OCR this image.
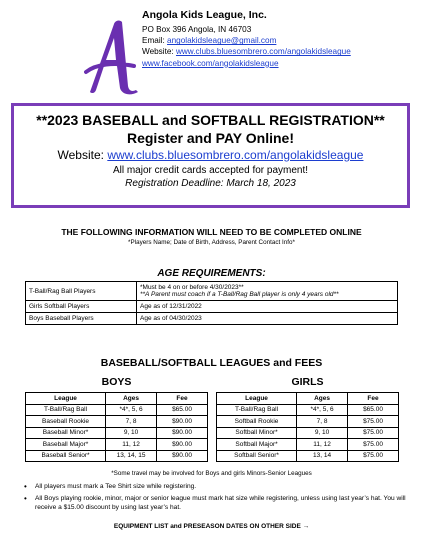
Angola Kids League, Inc.
PO Box 396 Angola, IN 46703
Email: angolakidsleague@gmail.com
Website: www.clubs.bluesombrero.com/angolakidsleague
www.facebook.com/angolakidsleague
**2023 BASEBALL and SOFTBALL REGISTRATION**
Register and PAY Online!
Website: www.clubs.bluesombrero.com/angolakidsleague
All major credit cards accepted for payment!
Registration Deadline: March 18, 2023
THE FOLLOWING INFORMATION WILL NEED TO BE COMPLETED ONLINE
*Players Name; Date of Birth, Address, Parent Contact Info*
AGE REQUIREMENTS:
T-Ball/Rag Ball Players	*Must be 4 on or before 4/30/2023**
**A Parent must coach if a T-Ball/Rag Ball player is only 4 years old**

Girls Softball Players	Age as of 12/31/2022
Boys Baseball Players	Age as of 04/30/2023
BASEBALL/SOFTBALL LEAGUES and FEES
BOYS	GIRLS
League	Ages	Fee
T-Ball/Rag Ball	*4*, 5, 6	$65.00
Baseball Rookie	7, 8	$90.00
Baseball Minor*	9, 10	$90.00
Baseball Major*	11, 12	$90.00
Baseball Senior*	13, 14, 15	$90.00
League	Ages	Fee
T-Ball/Rag Ball	*4*, 5, 6	$65.00
Softball Rookie	7, 8	$75.00
Softball Minor*	9, 10	$75.00
Softball Major*	11, 12	$75.00
Softball Senior*	13, 14	$75.00
*Some travel may be involved for Boys and girls Minors-Senior Leagues
• All players must mark a Tee Shirt size while registering.
• All Boys playing rookie, minor, major or senior league must mark hat size while registering, unless using last year’s hat. You will receive a $15.00 discount by using last year’s hat.
EQUIPMENT LIST and PRESEASON DATES ON OTHER SIDE →
